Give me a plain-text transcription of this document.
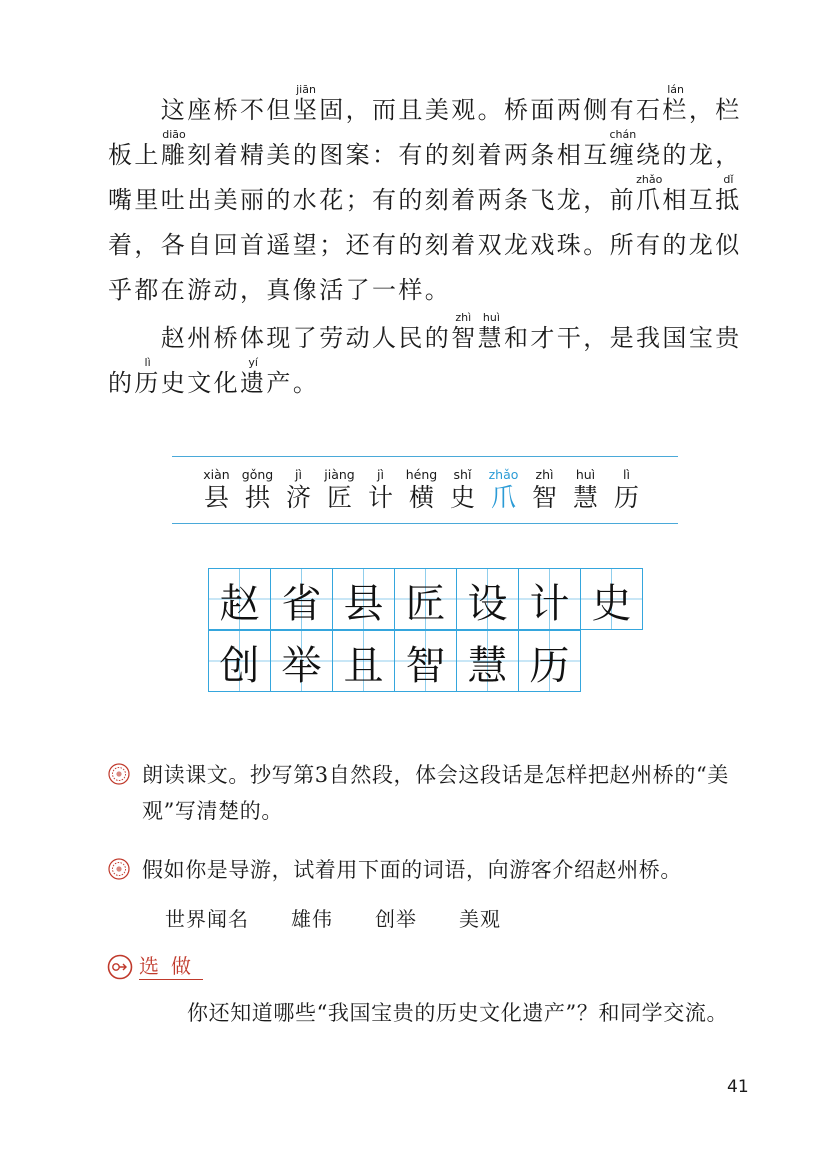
　　这座桥不但坚jiān固，而且美观。桥面两侧有石栏lán，栏板上雕diāo刻着精美的图案：有的刻着两条相互缠chán绕的龙，嘴里吐出美丽的水花；有的刻着两条飞龙，前爪zhǎo相互抵dǐ着，各自回首遥望；还有的刻着双龙戏珠。所有的龙似乎都在游动，真像活了一样。

　　赵州桥体现了劳动人民的智慧zhì huì和才干，是我国宝贵的历lì史文化遗yí产。

xiàn
县
gǒng
拱
jì
济
jiàng
匠
jì
计
héng
横
shǐ
史
zhǎo
爪
zhì
智
huì
慧
lì
历
赵 省 县 匠 设 计 史
创 举 且 智 慧 历
朗读课文。抄写第3自然段，体会这段话是怎样把赵州桥的“美观”写清楚的。
假如你是导游，试着用下面的词语，向游客介绍赵州桥。
世界闻名 雄伟 创举 美观
选做
你还知道哪些“我国宝贵的历史文化遗产”？和同学交流。
41
